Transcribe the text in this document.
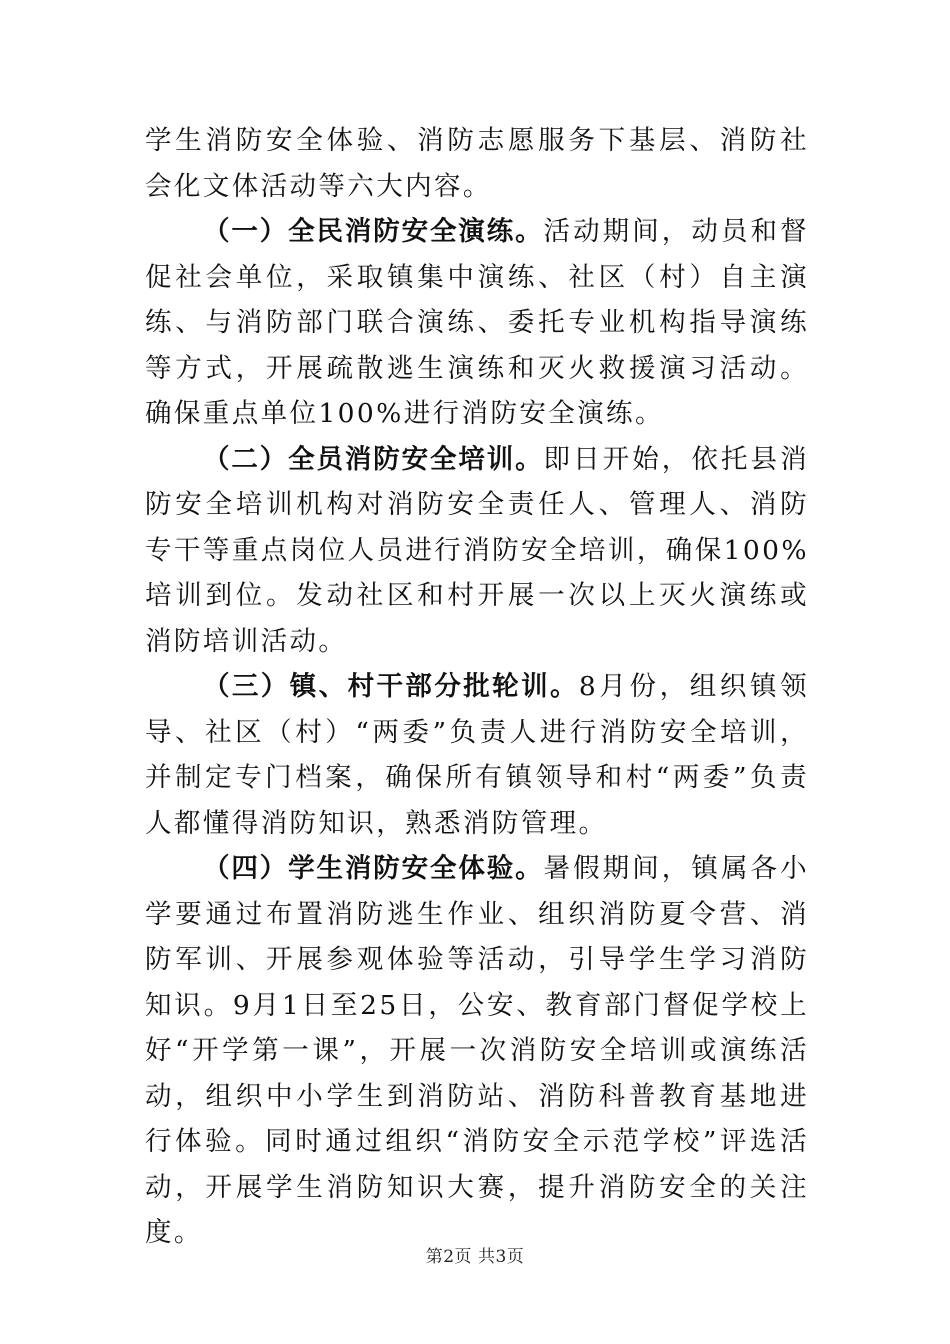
学生消防安全体验、消防志愿服务下基层、消防社会化文体活动等六大内容。

（一）全民消防安全演练。活动期间，动员和督促社会单位，采取镇集中演练、社区（村）自主演练、与消防部门联合演练、委托专业机构指导演练等方式，开展疏散逃生演练和灭火救援演习活动。确保重点单位100%进行消防安全演练。

（二）全员消防安全培训。即日开始，依托县消防安全培训机构对消防安全责任人、管理人、消防专干等重点岗位人员进行消防安全培训，确保100%培训到位。发动社区和村开展一次以上灭火演练或消防培训活动。

（三）镇、村干部分批轮训。8月份，组织镇领导、社区（村）“两委”负责人进行消防安全培训，并制定专门档案，确保所有镇领导和村“两委”负责人都懂得消防知识，熟悉消防管理。

（四）学生消防安全体验。暑假期间，镇属各小学要通过布置消防逃生作业、组织消防夏令营、消防军训、开展参观体验等活动，引导学生学习消防知识。9月1日至25日，公安、教育部门督促学校上好“开学第一课”，开展一次消防安全培训或演练活动，组织中小学生到消防站、消防科普教育基地进行体验。同时通过组织“消防安全示范学校”评选活动，开展学生消防知识大赛，提升消防安全的关注度。

第2页 共3页
